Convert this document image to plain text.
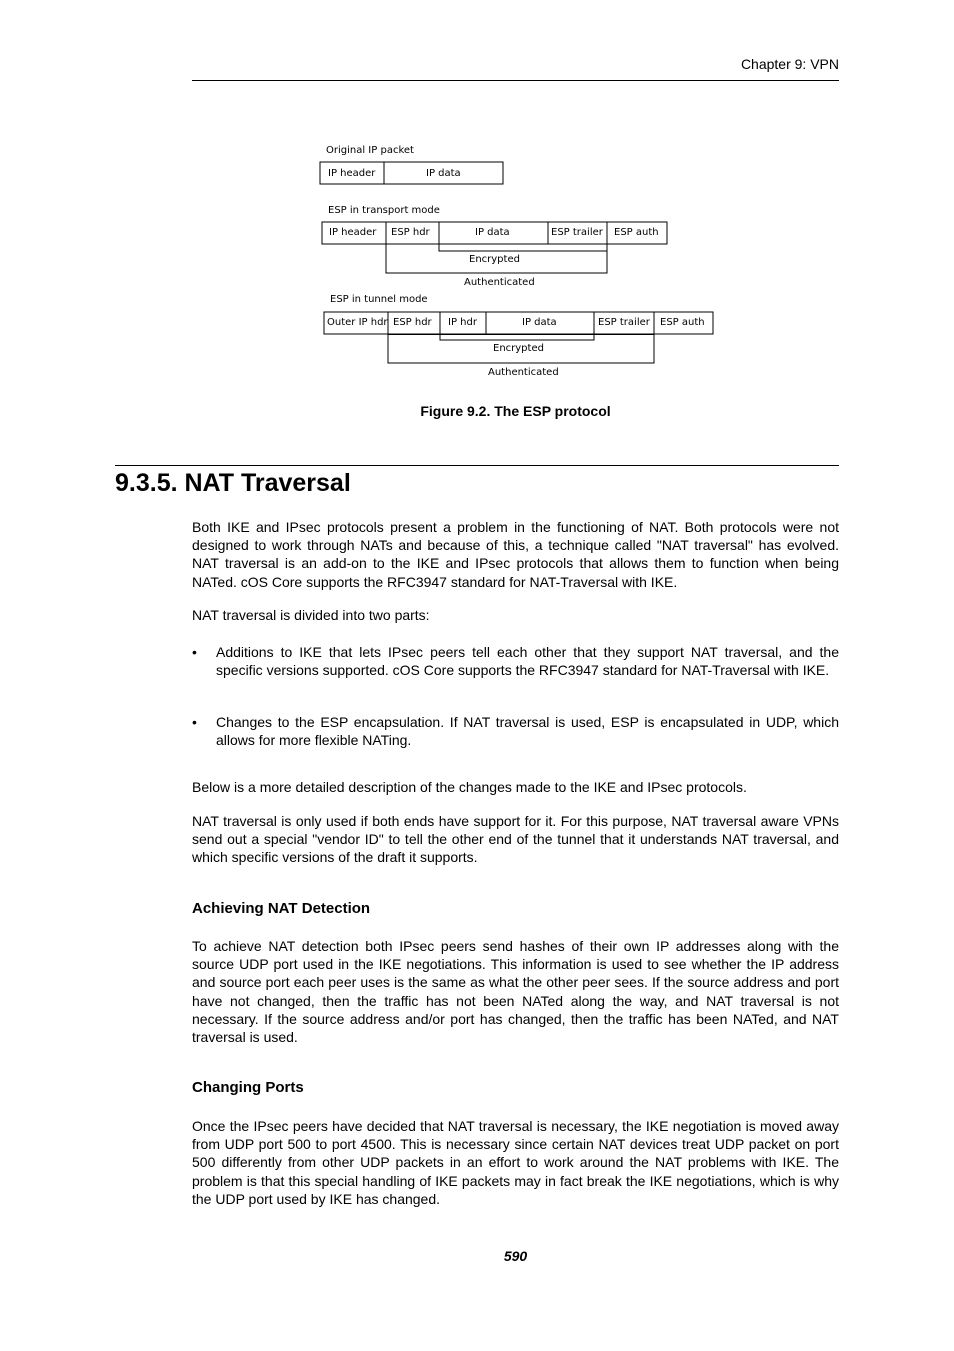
Chapter 9: VPN
Original IP packet
IP header	IP data
ESP in transport mode
IP header ESP hdr	IP data	ESP trailer ESP auth
Encrypted
Authenticated
ESP in tunnel mode
Outer IP hdr ESP hdr IP hdr	IP data	ESP trailer ESP auth
Encrypted
Authenticated
Figure 9.2. The ESP protocol
9.3.5. NAT Traversal

Both IKE and IPsec protocols present a problem in the functioning of NAT. Both protocols were not designed to work through NATs and because of this, a technique called "NAT traversal" has evolved. NAT traversal is an add-on to the IKE and IPsec protocols that allows them to function when being NATed. cOS Core supports the RFC3947 standard for NAT-Traversal with IKE.

NAT traversal is divided into two parts:

• Additions to IKE that lets IPsec peers tell each other that they support NAT traversal, and the specific versions supported. cOS Core supports the RFC3947 standard for NAT-Traversal with IKE.
• Changes to the ESP encapsulation. If NAT traversal is used, ESP is encapsulated in UDP, which allows for more flexible NATing.

Below is a more detailed description of the changes made to the IKE and IPsec protocols.

NAT traversal is only used if both ends have support for it. For this purpose, NAT traversal aware VPNs send out a special "vendor ID" to tell the other end of the tunnel that it understands NAT traversal, and which specific versions of the draft it supports.

Achieving NAT Detection

To achieve NAT detection both IPsec peers send hashes of their own IP addresses along with the source UDP port used in the IKE negotiations. This information is used to see whether the IP address and source port each peer uses is the same as what the other peer sees. If the source address and port have not changed, then the traffic has not been NATed along the way, and NAT traversal is not necessary. If the source address and/or port has changed, then the traffic has been NATed, and NAT traversal is used.

Changing Ports

Once the IPsec peers have decided that NAT traversal is necessary, the IKE negotiation is moved away from UDP port 500 to port 4500. This is necessary since certain NAT devices treat UDP packet on port 500 differently from other UDP packets in an effort to work around the NAT problems with IKE. The problem is that this special handling of IKE packets may in fact break the IKE negotiations, which is why the UDP port used by IKE has changed.

590
